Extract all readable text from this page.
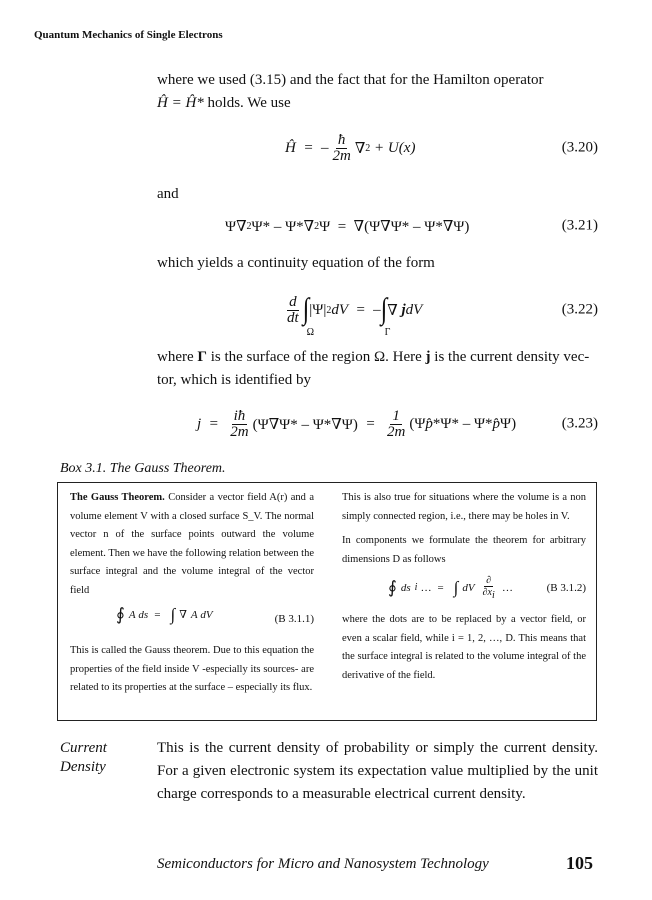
Quantum Mechanics of Single Electrons
where we used (3.15) and the fact that for the Hamilton operator
Ĥ = Ĥ* holds. We use
Ĥ  =  – $\frac{ħ}{2m}$ ∇ 2 + U ( x )	(3.20)
and
Ψ∇ 2 Ψ* – Ψ*∇ 2 Ψ  =  ∇(Ψ∇Ψ* – Ψ*∇Ψ)	(3.21)
which yields a continuity equation of the form
$\frac{d}{dt}$ ∫
Ω
|Ψ| 2 dV =  – ∫
Γ
∇
j dV	(3.22)
where Γ is the surface of the region Ω. Here j is the current density vec-
tor, which is identified by
$j = \frac{iħ}{2m} (\Psi\nabla\Psi* - \Psi*\nabla\Psi) = \frac{1}{2m} (\Psi$ p̂ *Ψ* – Ψ* p̂ Ψ)	(3.23)
Box 3.1. The Gauss Theorem.

The Gauss Theorem. Consider a vector field A(r) and a volume element V with a closed surface S_V. The normal vector n of the surface points outward the volume element. Then we have the following relation between the surface integral and the volume integral of the vector field

∮ A ds  = ∫ ∇ A dV	(B 3.1.1)

This is called the Gauss theorem. Due to this equation the properties of the field inside V -especially its sources- are related to its properties at the surface – especially its flux.

This is also true for situations where the volume is a non simply connected region, i.e., there may be holes in V.

In components we formulate the theorem for arbitrary dimensions D as follows

∮ ds i …  = ∫ dV $\frac{\partial}{\partial xi}$ …	(B 3.1.2)

where the dots are to be replaced by a vector field, or even a scalar field, while i = 1, 2, …, D. This means that the surface integral is related to the volume integral of the derivative of the field.

Current
Density
This is the current density of probability or simply the current density. For a given electronic system its expectation value multiplied by the unit charge corresponds to a measurable electrical current density.
Semiconductors for Micro and Nanosystem Technology	105
